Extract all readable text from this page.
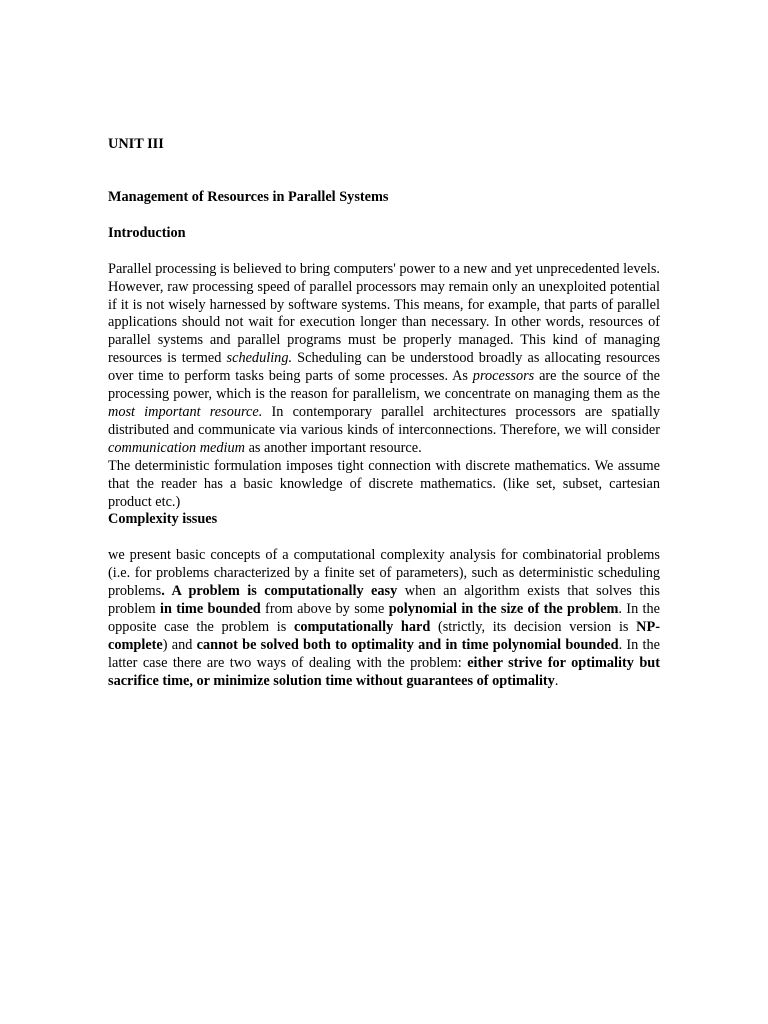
UNIT III

Management of Resources in Parallel Systems

Introduction

Parallel processing is believed to bring computers' power to a new and yet unprecedented levels. However, raw processing speed of parallel processors may remain only an unexploited potential if it is not wisely harnessed by software systems. This means, for example, that parts of parallel applications should not wait for execution longer than necessary. In other words, resources of parallel systems and parallel programs must be properly managed. This kind of managing resources is termed scheduling. Scheduling can be understood broadly as allocating resources over time to perform tasks being parts of some processes. As processors are the source of the processing power, which is the reason for parallelism, we concentrate on managing them as the most important resource. In contemporary parallel architectures processors are spatially distributed and communicate via various kinds of interconnections. Therefore, we will consider communication medium as another important resource.

The deterministic formulation imposes tight connection with discrete mathematics. We assume that the reader has a basic knowledge of discrete mathematics. (like set, subset, cartesian product etc.)

Complexity issues

we present basic concepts of a computational complexity analysis for combinatorial problems (i.e. for problems characterized by a finite set of parameters), such as deterministic scheduling problems. A problem is computationally easy when an algorithm exists that solves this problem in time bounded from above by some polynomial in the size of the problem. In the opposite case the problem is computationally hard (strictly, its decision version is NP-complete) and cannot be solved both to optimality and in time polynomial bounded. In the latter case there are two ways of dealing with the problem: either strive for optimality but sacrifice time, or minimize solution time without guarantees of optimality.
